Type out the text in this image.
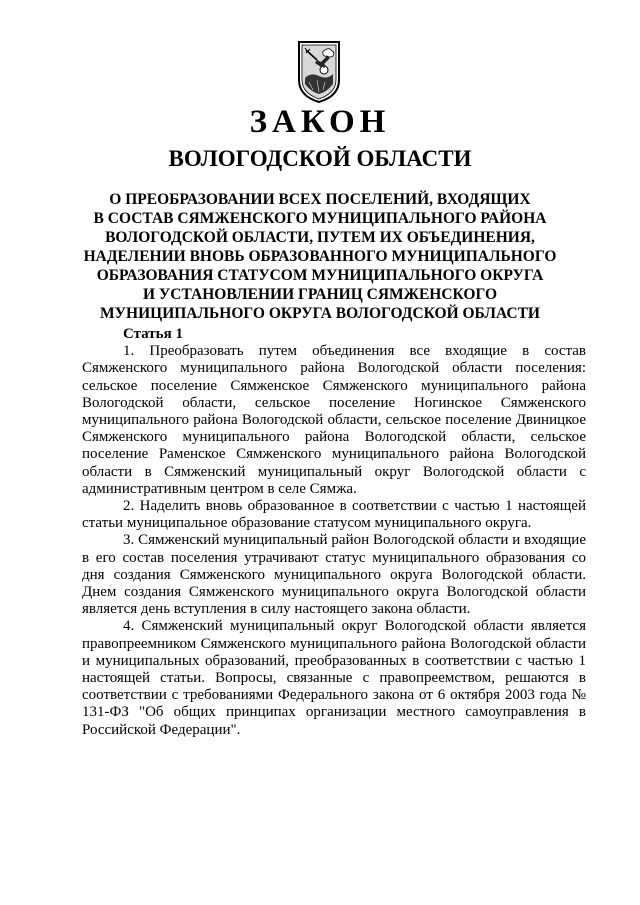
ЗАКОН
ВОЛОГОДСКОЙ ОБЛАСТИ
О ПРЕОБРАЗОВАНИИ ВСЕХ ПОСЕЛЕНИЙ, ВХОДЯЩИХ
В СОСТАВ СЯМЖЕНСКОГО МУНИЦИПАЛЬНОГО РАЙОНА
ВОЛОГОДСКОЙ ОБЛАСТИ, ПУТЕМ ИХ ОБЪЕДИНЕНИЯ,
НАДЕЛЕНИИ ВНОВЬ ОБРАЗОВАННОГО МУНИЦИПАЛЬНОГО
ОБРАЗОВАНИЯ СТАТУСОМ МУНИЦИПАЛЬНОГО ОКРУГА
И УСТАНОВЛЕНИИ ГРАНИЦ СЯМЖЕНСКОГО
МУНИЦИПАЛЬНОГО ОКРУГА ВОЛОГОДСКОЙ ОБЛАСТИ
Статья 1

1. Преобразовать путем объединения все входящие в состав Сямженского муниципального района Вологодской области поселения: сельское поселение Сямженское Сямженского муниципального района Вологодской области, сельское поселение Ногинское Сямженского муниципального района Вологодской области, сельское поселение Двиницкое Сямженского муниципального района Вологодской области, сельское поселение Раменское Сямженского муниципального района Вологодской области в Сямженский муниципальный округ Вологодской области с административным центром в селе Сямжа.

2. Наделить вновь образованное в соответствии с частью 1 настоящей статьи муниципальное образование статусом муниципального округа.

3. Сямженский муниципальный район Вологодской области и входящие в его состав поселения утрачивают статус муниципального образования со дня создания Сямженского муниципального округа Вологодской области. Днем создания Сямженского муниципального округа Вологодской области является день вступления в силу настоящего закона области.

4. Сямженский муниципальный округ Вологодской области является правопреемником Сямженского муниципального района Вологодской области и муниципальных образований, преобразованных в соответствии с частью 1 настоящей статьи. Вопросы, связанные с правопреемством, решаются в соответствии с требованиями Федерального закона от 6 октября 2003 года № 131-ФЗ "Об общих принципах организации местного самоуправления в Российской Федерации".
